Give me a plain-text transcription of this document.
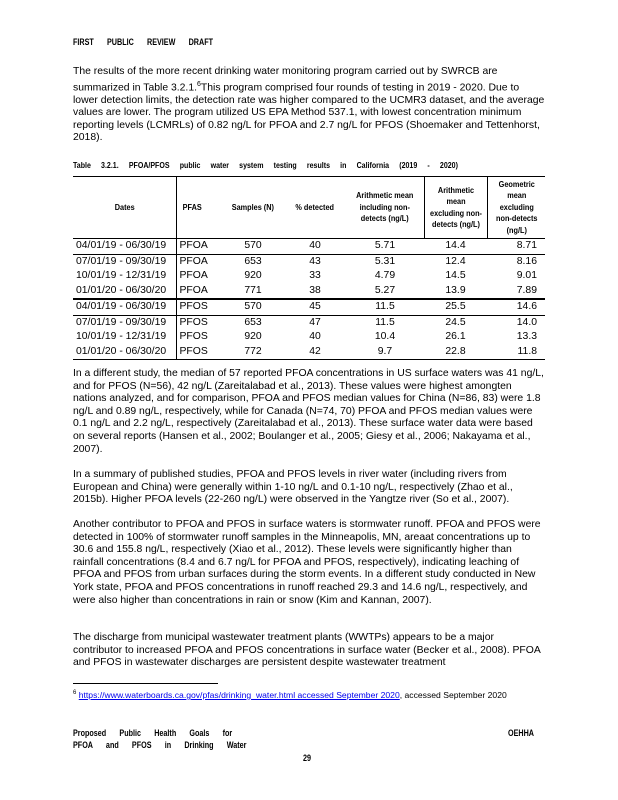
FIRST PUBLIC REVIEW DRAFT

The results of the more recent drinking water monitoring program carried out by SWRCB are summarized in Table 3.2.1.$^6$This program comprised four rounds of testing in 2019 - 2020. Due to lower detection limits, the detection rate was higher compared to the UCMR3 dataset, and the average values are lower. The program utilized US EPA Method 537.1, with lowest concentration minimum reporting levels (LCMRLs) of 0.82 ng/L for PFOA and 2.7 ng/L for PFOS (Shoemaker and Tettenhorst, 2018).

Table 3.2.1. PFOA/PFOS public water system testing results in California (2019 - 2020)
Dates	PFAS	Samples (N)	% detected	Arithmetic mean including non-detects (ng/L)	Arithmetic mean excluding non-detects (ng/L)	Geometric mean excluding non-detects (ng/L)
04/01/19 - 06/30/19	PFOA	570	40	5.71	14.4	8.71
07/01/19 - 09/30/19	PFOA	653	43	5.31	12.4	8.16
10/01/19 - 12/31/19	PFOA	920	33	4.79	14.5	9.01
01/01/20 - 06/30/20	PFOA	771	38	5.27	13.9	7.89
04/01/19 - 06/30/19	PFOS	570	45	11.5	25.5	14.6
07/01/19 - 09/30/19	PFOS	653	47	11.5	24.5	14.0
10/01/19 - 12/31/19	PFOS	920	40	10.4	26.1	13.3
01/01/20 - 06/30/20	PFOS	772	42	9.7	22.8	11.8

In a different study, the median of 57 reported PFOA concentrations in US surface waters was 41 ng/L, and for PFOS (N=56), 42 ng/L (Zareitalabad et al., 2013). These values were highest amongten nations analyzed, and for comparison, PFOA and PFOS median values for China (N=86, 83) were 1.8 ng/L and 0.89 ng/L, respectively, while for Canada (N=74, 70) PFOA and PFOS median values were 0.1 ng/L and 2.2 ng/L, respectively (Zareitalabad et al., 2013). These surface water data were based on several reports (Hansen et al., 2002; Boulanger et al., 2005; Giesy et al., 2006; Nakayama et al., 2007).

In a summary of published studies, PFOA and PFOS levels in river water (including rivers from European and China) were generally within 1-10 ng/L and 0.1-10 ng/L, respectively (Zhao et al., 2015b). Higher PFOA levels (22-260 ng/L) were observed in the Yangtze river (So et al., 2007).

Another contributor to PFOA and PFOS in surface waters is stormwater runoff. PFOA and PFOS were detected in 100% of stormwater runoff samples in the Minneapolis, MN, areaat concentrations up to 30.6 and 155.8 ng/L, respectively (Xiao et al., 2012). These levels were significantly higher than rainfall concentrations (8.4 and 6.7 ng/L for PFOA and PFOS, respectively), indicating leaching of PFOA and PFOS from urban surfaces during the storm events. In a different study conducted in New York state, PFOA and PFOS concentrations in runoff reached 29.3 and 14.6 ng/L, respectively, and were also higher than concentrations in rain or snow (Kim and Kannan, 2007).

The discharge from municipal wastewater treatment plants (WWTPs) appears to be a major contributor to increased PFOA and PFOS concentrations in surface water (Becker et al., 2008). PFOA and PFOS in wastewater discharges are persistent despite wastewater treatment

$^6$ https://www.waterboards.ca.gov/pfas/drinking_water.html accessed September 2020, accessed September 2020
Proposed Public Health Goals for
PFOA and PFOS in Drinking Water
OEHHA
29
